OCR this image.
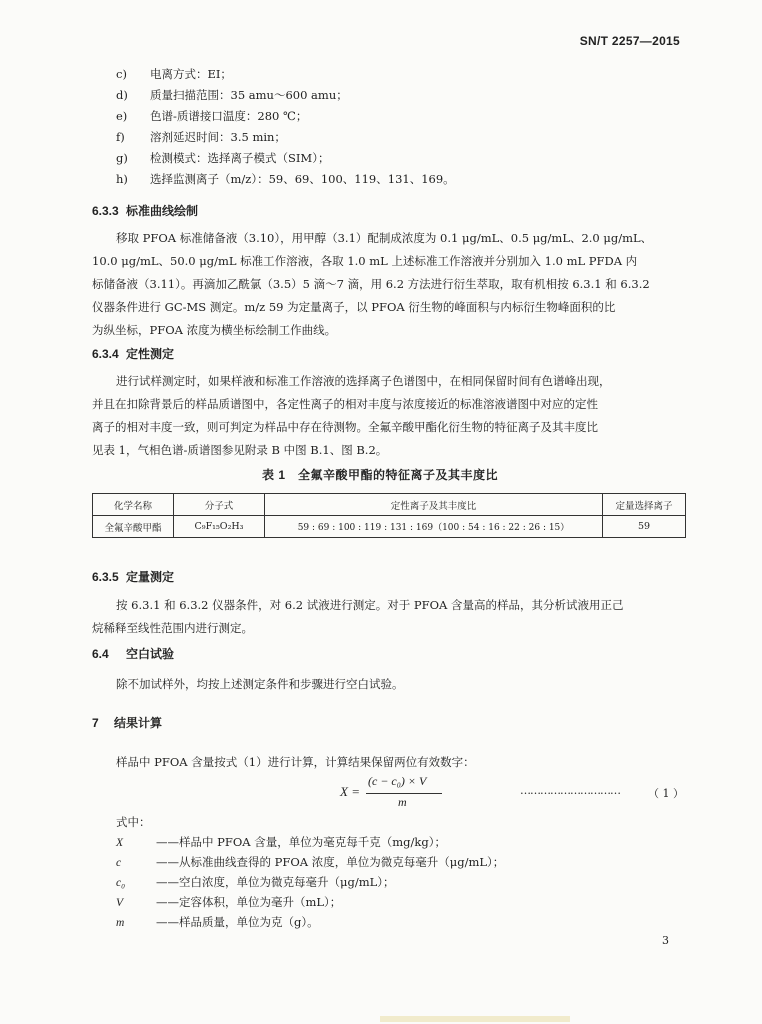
SN/T 2257—2015
c) 电离方式：EI；
d) 质量扫描范围：35 amu～600 amu；
e) 色谱-质谱接口温度：280 ℃；
f) 溶剂延迟时间：3.5 min；
g) 检测模式：选择离子模式（SIM）；
h) 选择监测离子（m/z）：59、69、100、119、131、169。
6.3.3 标准曲线绘制
移取 PFOA 标准储备液（3.10），用甲醇（3.1）配制成浓度为 0.1 μg/mL、0.5 μg/mL、2.0 μg/mL、
10.0 μg/mL、50.0 μg/mL 标准工作溶液，各取 1.0 mL 上述标准工作溶液并分别加入 1.0 mL PFDA 内
标储备液（3.11）。再滴加乙酰氯（3.5）5 滴～7 滴，用 6.2 方法进行衍生萃取，取有机相按 6.3.1 和 6.3.2
仪器条件进行 GC-MS 测定。m/z 59 为定量离子，以 PFOA 衍生物的峰面积与内标衍生物峰面积的比
为纵坐标，PFOA 浓度为横坐标绘制工作曲线。
6.3.4 定性测定
进行试样测定时，如果样液和标准工作溶液的选择离子色谱图中，在相同保留时间有色谱峰出现，
并且在扣除背景后的样品质谱图中，各定性离子的相对丰度与浓度接近的标准溶液谱图中对应的定性
离子的相对丰度一致，则可判定为样品中存在待测物。全氟辛酸甲酯化衍生物的特征离子及其丰度比
见表 1，气相色谱-质谱图参见附录 B 中图 B.1、图 B.2。
表 1　全氟辛酸甲酯的特征离子及其丰度比
化学名称	分子式	定性离子及其丰度比	定量选择离子
全氟辛酸甲酯	C₉F₁₅O₂H₃	59 : 69 : 100 : 119 : 131 : 169（100 : 54 : 16 : 22 : 26 : 15）	59
6.3.5 定量测定
按 6.3.1 和 6.3.2 仪器条件，对 6.2 试液进行测定。对于 PFOA 含量高的样品，其分析试液用正己
烷稀释至线性范围内进行测定。
6.4 空白试验
除不加试样外，均按上述测定条件和步骤进行空白试验。
7 结果计算
样品中 PFOA 含量按式（1）进行计算，计算结果保留两位有效数字：
X =
(c − c₀) × V
m
…………………………	（ 1 ）
式中：
X	——样品中 PFOA 含量，单位为毫克每千克（mg/kg）；
c	——从标准曲线查得的 PFOA 浓度，单位为微克每毫升（μg/mL）；
c₀	——空白浓度，单位为微克每毫升（μg/mL）；
V	——定容体积，单位为毫升（mL）；
m	——样品质量，单位为克（g）。
3
